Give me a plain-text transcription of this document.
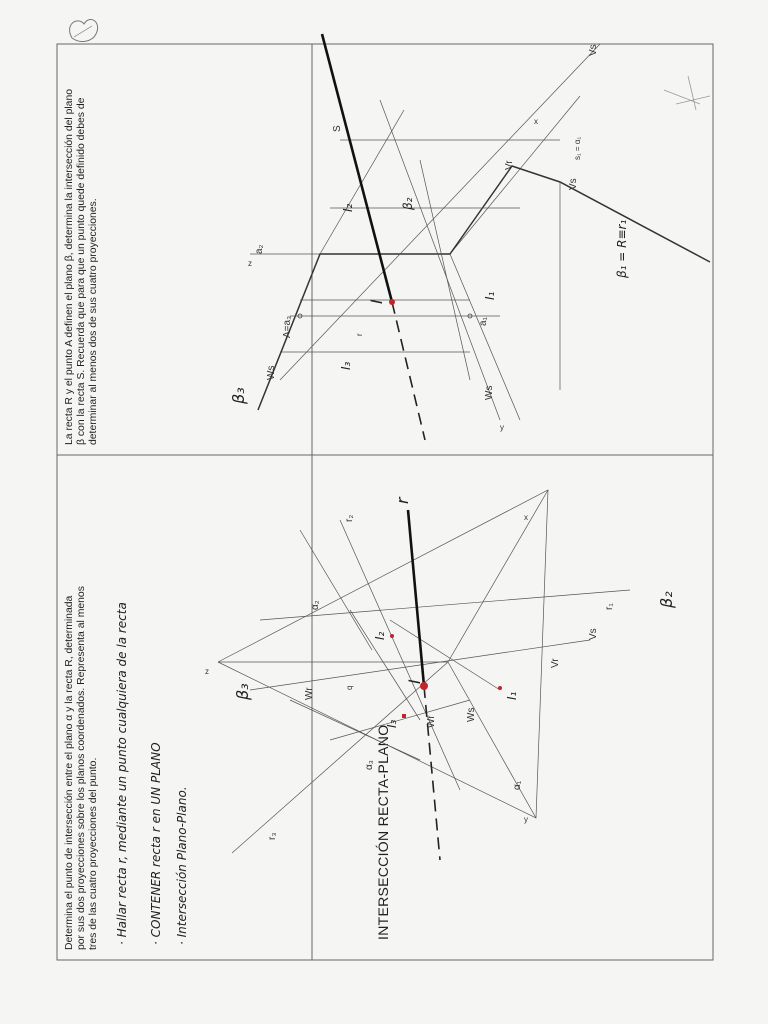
INTERSECCIÓN RECTA-PLANO
Determina el punto de intersección entre el plano α y la recta R, determinada por sus dos proyecciones sobre los planos coordenados. Representa al menos tres de las cuatro proyecciones del punto. · Hallar recta r, mediante un punto cualquiera de la recta · CONTENER recta r en UN PLANO · Intersección Plano-Plano.
z
x
y
α₂
α₁
α₃
r
r₂
r₁
r₃
I
I₂
I₁
I₃
β₃
β₂
q
Wr
Vr
Ws
Vs
Wr
La recta R y el punto A definen el plano β, determina la intersección del plano β con la recta S. Recuerda que para que un punto quede definido debes de determinar al menos dos de sus cuatro proyecciones.	z
x
y
S
s₁ = α₁
a₂
a₁
A=a₃
I
I₂
I₁
I₃
Vr
Vs
Ws
Ws
Vs
β₂
β₃
β₁ = R≡r₁
r
